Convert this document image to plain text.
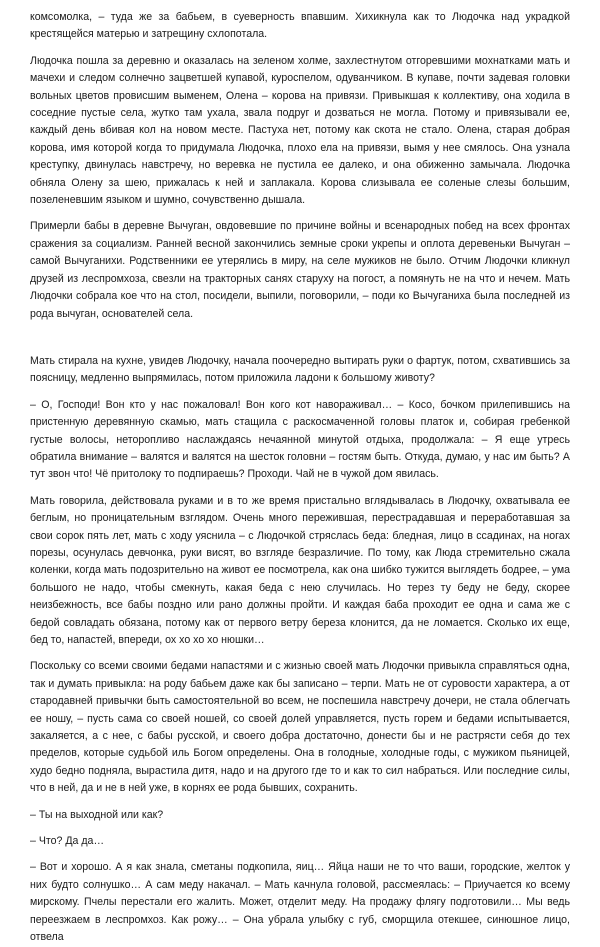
комсомолка, – туда же за бабьем, в суеверность впавшим. Хихикнула как то Людочка над украдкой крестящейся матерью и затрещину схлопотала.

Людочка пошла за деревню и оказалась на зеленом холме, захлестнутом отгоревшими мохнатками мать и мачехи и следом солнечно зацветшей купавой, куроспелом, одуванчиком. В купаве, почти задевая головки вольных цветов провисшим выменем, Олена – корова на привязи. Привыкшая к коллективу, она ходила в соседние пустые села, жутко там ухала, звала подруг и дозваться не могла. Потому и привязывали ее, каждый день вбивая кол на новом месте. Пастуха нет, потому как скота не стало. Олена, старая добрая корова, имя которой когда то придумала Людочка, плохо ела на привязи, вымя у нее смялось. Она узнала креступку, двинулась навстречу, но веревка не пустила ее далеко, и она обиженно замычала. Людочка обняла Олену за шею, прижалась к ней и заплакала. Корова слизывала ее соленые слезы большим, позеленевшим языком и шумно, сочувственно дышала.

Примерли бабы в деревне Вычуган, овдовевшие по причине войны и всенародных побед на всех фронтах сражения за социализм. Ранней весной закончились земные сроки укрепы и оплота деревеньки Вычуган – самой Вычуганихи. Родственники ее утерялись в миру, на селе мужиков не было. Отчим Людочки кликнул друзей из леспромхоза, свезли на тракторных санях старуху на погост, а помянуть не на что и нечем. Мать Людочки собрала кое что на стол, посидели, выпили, поговорили, – поди ко Вычуганиха была последней из рода вычуган, основателей села.

Мать стирала на кухне, увидев Людочку, начала поочередно вытирать руки о фартук, потом, схватившись за поясницу, медленно выпрямилась, потом приложила ладони к большому животу?

– О, Господи! Вон кто у нас пожаловал! Вон кого кот навораживал… – Косо, бочком прилепившись на пристенную деревянную скамью, мать стащила с раскосмаченной головы платок и, собирая гребенкой густые волосы, неторопливо наслаждаясь нечаянной минутой отдыха, продолжала: – Я еще утресь обратила внимание – валятся и валятся на шесток головни – гостям быть. Откуда, думаю, у нас им быть? А тут звон что! Чё притолоку то подпираешь? Проходи. Чай не в чужой дом явилась.

Мать говорила, действовала руками и в то же время пристально вглядывалась в Людочку, охватывала ее беглым, но проницательным взглядом. Очень много пережившая, перестрадавшая и переработавшая за свои сорок пять лет, мать с ходу уяснила – с Людочкой стряслась беда: бледная, лицо в ссадинах, на ногах порезы, осунулась девчонка, руки висят, во взгляде безразличие. По тому, как Люда стремительно сжала коленки, когда мать подозрительно на живот ее посмотрела, как она шибко тужится выглядеть бодрее, – ума большого не надо, чтобы смекнуть, какая беда с нею случилась. Но терез ту беду не беду, скорее неизбежность, все бабы поздно или рано должны пройти. И каждая баба проходит ее одна и сама же с бедой совладать обязана, потому как от первого ветру береза клонится, да не ломается. Сколько их еще, бед то, напастей, впереди, ох хо хо хо нюшки…

Поскольку со всеми своими бедами напастями и с жизнью своей мать Людочки привыкла справляться одна, так и думать привыкла: на роду бабьем даже как бы записано – терпи. Мать не от суровости характера, а от стародавней привычки быть самостоятельной во всем, не поспешила навстречу дочери, не стала облегчать ее ношу, – пусть сама со своей ношей, со своей долей управляется, пусть горем и бедами испытывается, закаляется, а с нее, с бабы русской, и своего добра достаточно, донести бы и не растрясти себя до тех пределов, которые судьбой иль Богом определены. Она в голодные, холодные годы, с мужиком пьяницей, худо бедно подняла, вырастила дитя, надо и на другого где то и как то сил набраться. Или последние силы, что в ней, да и не в ней уже, в корнях ее рода бывших, сохранить.

– Ты на выходной или как?

– Что? Да да…

– Вот и хорошо. А я как знала, сметаны подкопила, яиц… Яйца наши не то что ваши, городские, желток у них будто солнушко… А сам меду накачал. – Мать качнула головой, рассмеялась: – Приучается ко всему мирскому. Пчелы перестали его жалить. Может, отделит меду. На продажу флягу подготовили… Мы ведь переезжаем в леспромхоз. Как рожу… – Она убрала улыбку с губ, сморщила отекшее, синюшное лицо, отвела
